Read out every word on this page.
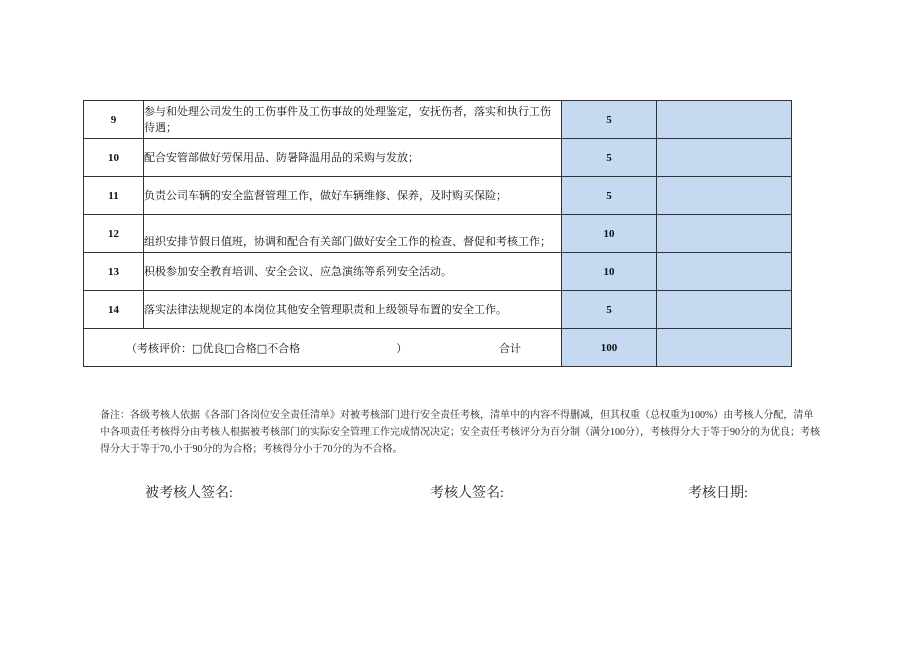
9	参与和处理公司发生的工伤事件及工伤事故的处理鉴定，安抚伤者，落实和执行工伤待遇；	5	
10	配合安管部做好劳保用品、防暑降温用品的采购与发放；	5	
11	负责公司车辆的安全监督管理工作，做好车辆维修、保养，及时购买保险；	5	
12	组织安排节假日值班，协调和配合有关部门做好安全工作的检查、督促和考核工作；	10	
13	积极参加安全教育培训、安全会议、应急演练等系列安全活动。	10	
14	落实法律法规规定的本岗位其他安全管理职责和上级领导布置的安全工作。	5	

（考核评价：□优良□合格□不合格 ） 合计		100	
备注：各级考核人依据《各部门各岗位安全责任清单》对被考核部门进行安全责任考核，清单中的内容不得删减，但其权重（总权重为100%）由考核人分配，清单中各项责任考核得分由考核人根据被考核部门的实际安全管理工作完成情况决定；安全责任考核评分为百分制（满分100分），考核得分大于等于90分的为优良；考核得分大于等于70,小于90分的为合格；考核得分小于70分的为不合格。
被考核人签名:	考核人签名:	考核日期:
